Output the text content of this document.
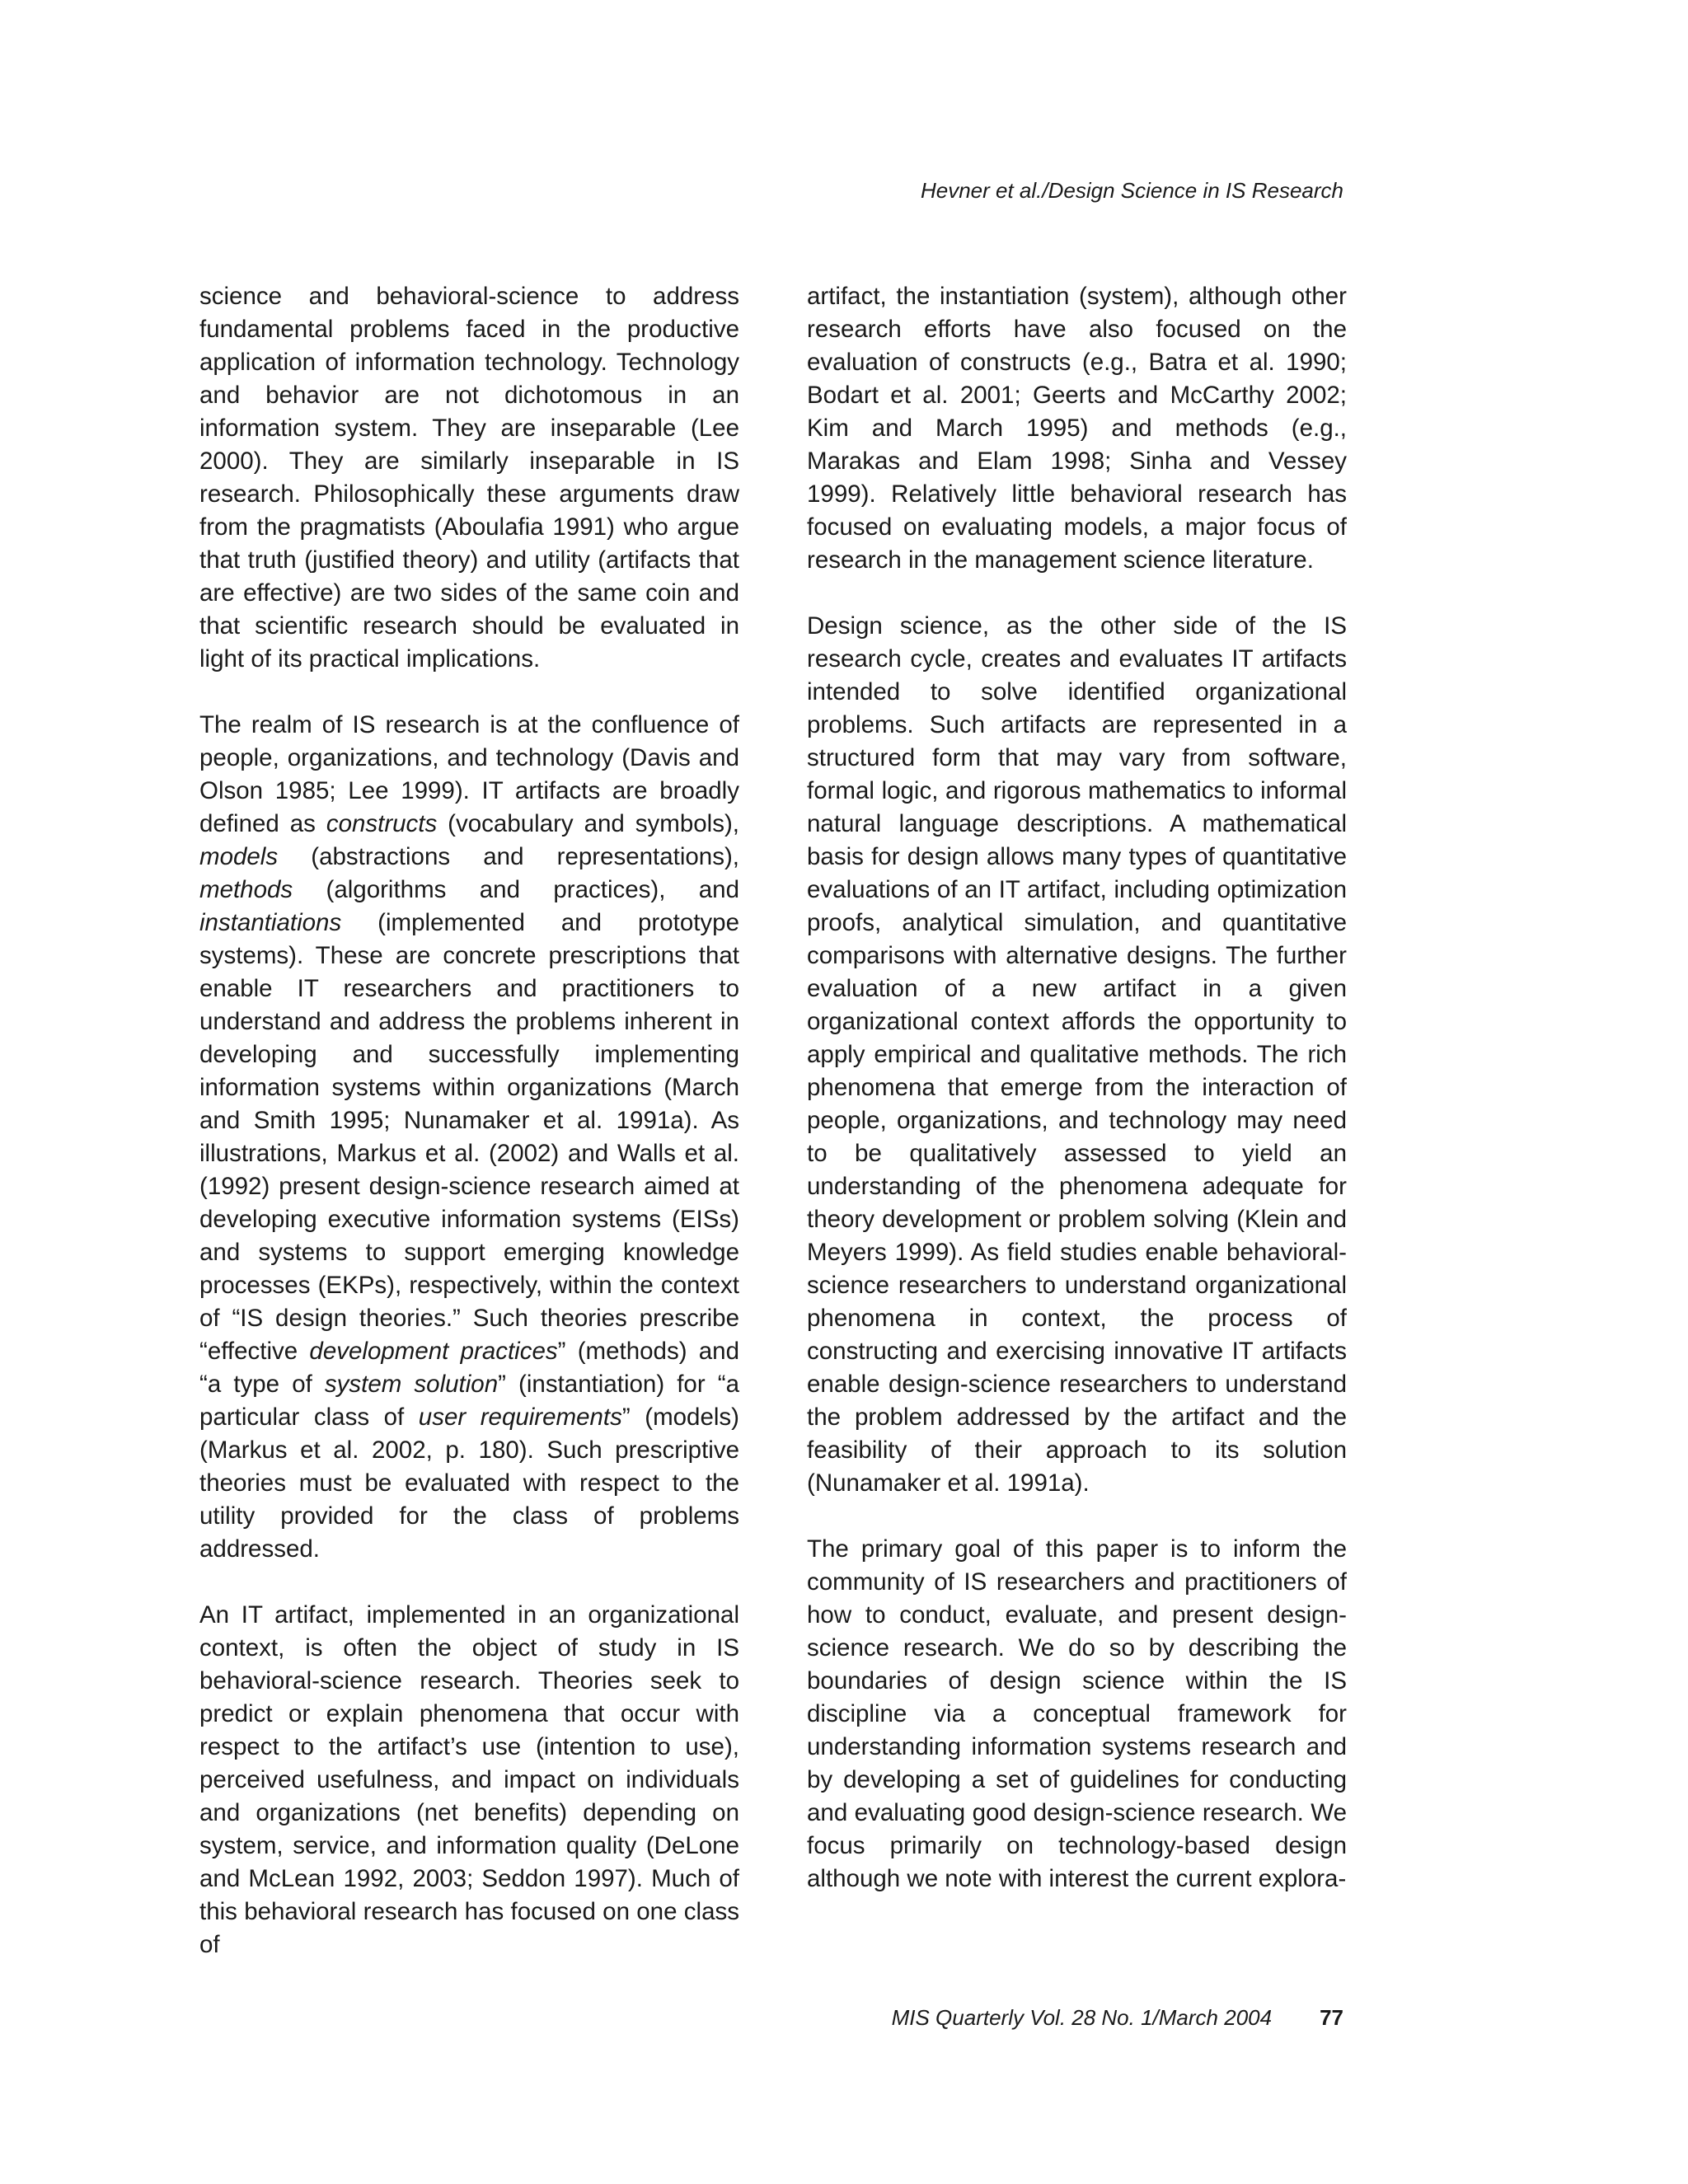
Hevner et al./Design Science in IS Research

science and behavioral-science to address fundamental problems faced in the productive application of information technology. Technology and behavior are not dichotomous in an information system. They are inseparable (Lee 2000). They are similarly inseparable in IS research. Philosophically these arguments draw from the pragmatists (Aboulafia 1991) who argue that truth (justified theory) and utility (artifacts that are effective) are two sides of the same coin and that scientific research should be evaluated in light of its practical implications.

The realm of IS research is at the confluence of people, organizations, and technology (Davis and Olson 1985; Lee 1999). IT artifacts are broadly defined as constructs (vocabulary and symbols), models (abstractions and representations), methods (algorithms and practices), and instantiations (implemented and prototype systems). These are concrete prescriptions that enable IT researchers and practitioners to understand and address the problems inherent in developing and successfully implementing information systems within organizations (March and Smith 1995; Nunamaker et al. 1991a). As illustrations, Markus et al. (2002) and Walls et al. (1992) present design-science research aimed at developing executive information systems (EISs) and systems to support emerging knowledge processes (EKPs), respectively, within the context of “IS design theories.” Such theories prescribe “effective development practices” (methods) and “a type of system solution” (instantiation) for “a particular class of user requirements” (models) (Markus et al. 2002, p. 180). Such prescriptive theories must be evaluated with respect to the utility provided for the class of problems addressed.

An IT artifact, implemented in an organizational context, is often the object of study in IS behavioral-science research. Theories seek to predict or explain phenomena that occur with respect to the artifact’s use (intention to use), perceived usefulness, and impact on individuals and organizations (net benefits) depending on system, service, and information quality (DeLone and McLean 1992, 2003; Seddon 1997). Much of this behavioral research has focused on one class of

artifact, the instantiation (system), although other research efforts have also focused on the evaluation of constructs (e.g., Batra et al. 1990; Bodart et al. 2001; Geerts and McCarthy 2002; Kim and March 1995) and methods (e.g., Marakas and Elam 1998; Sinha and Vessey 1999). Relatively little behavioral research has focused on evaluating models, a major focus of research in the management science literature.

Design science, as the other side of the IS research cycle, creates and evaluates IT artifacts intended to solve identified organizational problems. Such artifacts are represented in a structured form that may vary from software, formal logic, and rigorous mathematics to informal natural language descriptions. A mathematical basis for design allows many types of quantitative evaluations of an IT artifact, including optimization proofs, analytical simulation, and quantitative comparisons with alternative designs. The further evaluation of a new artifact in a given organizational context affords the opportunity to apply empirical and qualitative methods. The rich phenomena that emerge from the interaction of people, organizations, and technology may need to be qualitatively assessed to yield an understanding of the phenomena adequate for theory development or problem solving (Klein and Meyers 1999). As field studies enable behavioral-science researchers to understand organizational phenomena in context, the process of constructing and exercising innovative IT artifacts enable design-science researchers to understand the problem addressed by the artifact and the feasibility of their approach to its solution (Nunamaker et al. 1991a).

The primary goal of this paper is to inform the community of IS researchers and practitioners of how to conduct, evaluate, and present design-science research. We do so by describing the boundaries of design science within the IS discipline via a conceptual framework for understanding information systems research and by developing a set of guidelines for conducting and evaluating good design-science research. We focus primarily on technology-based design although we note with interest the current explora-

MIS Quarterly Vol. 28 No. 1/March 2004 77
